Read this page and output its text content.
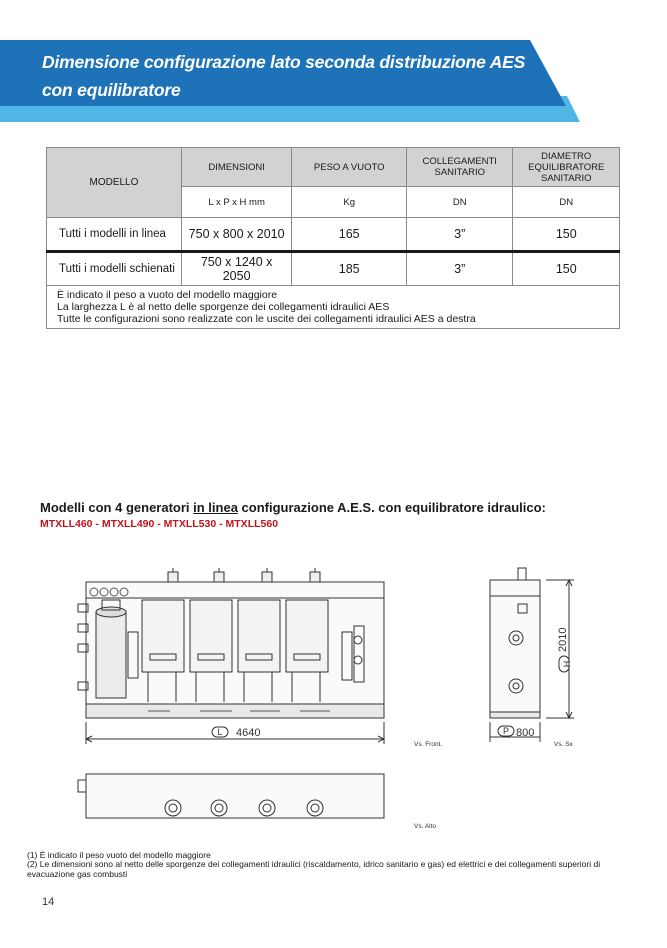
Dimensione configurazione lato seconda distribuzione AES
con equilibratore
MODELLO	DIMENSIONI	PESO A VUOTO	COLLEGAMENTI SANITARIO	DIAMETRO EQUILIBRATORE SANITARIO
	L x P x H mm	Kg	DN	DN
Tutti i modelli in linea	750 x 800 x 2010	165	3”	150
Tutti i modelli schienati	750 x 1240 x 2050	185	3”	150

È indicato il peso a vuoto del modello maggiore
La larghezza L è al netto delle sporgenze dei collegamenti idraulici AES
Tutte le configurazioni sono realizzate con le uscite dei collegamenti idraulici AES a destra				
Modelli con 4 generatori in linea configurazione A.E.S. con equilibratore idraulico:
MTXLL460 - MTXLL490 - MTXLL530 - MTXLL560
L 4640	P 800
H
2010
Vs. Front.	Vs. Sx
Vs. Alto
(1) È indicato il peso vuoto del modello maggiore
(2) Le dimensioni sono al netto delle sporgenze dei collegamenti idraulici (riscaldamento, idrico sanitario e gas) ed elettrici e dei collegamenti superiori di
evacuazione gas combusti
14
